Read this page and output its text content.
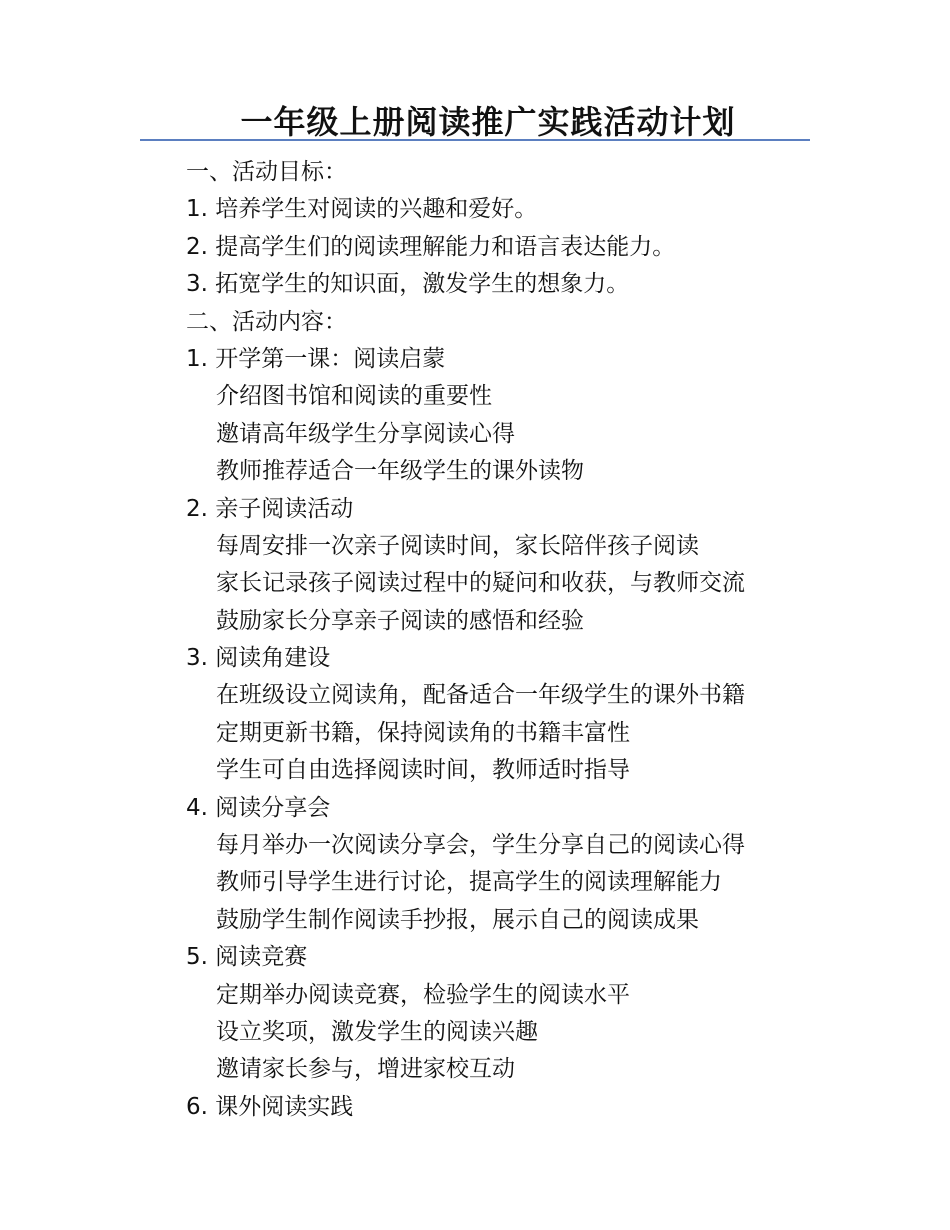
一年级上册阅读推广实践活动计划
一、活动目标：
1. 培养学生对阅读的兴趣和爱好。
2. 提高学生们的阅读理解能力和语言表达能力。
3. 拓宽学生的知识面，激发学生的想象力。
二、活动内容：
1. 开学第一课：阅读启蒙
介绍图书馆和阅读的重要性
邀请高年级学生分享阅读心得
教师推荐适合一年级学生的课外读物
2. 亲子阅读活动
每周安排一次亲子阅读时间，家长陪伴孩子阅读
家长记录孩子阅读过程中的疑问和收获，与教师交流
鼓励家长分享亲子阅读的感悟和经验
3. 阅读角建设
在班级设立阅读角，配备适合一年级学生的课外书籍
定期更新书籍，保持阅读角的书籍丰富性
学生可自由选择阅读时间，教师适时指导
4. 阅读分享会
每月举办一次阅读分享会，学生分享自己的阅读心得
教师引导学生进行讨论，提高学生的阅读理解能力
鼓励学生制作阅读手抄报，展示自己的阅读成果
5. 阅读竞赛
定期举办阅读竞赛，检验学生的阅读水平
设立奖项，激发学生的阅读兴趣
邀请家长参与，增进家校互动
6. 课外阅读实践
